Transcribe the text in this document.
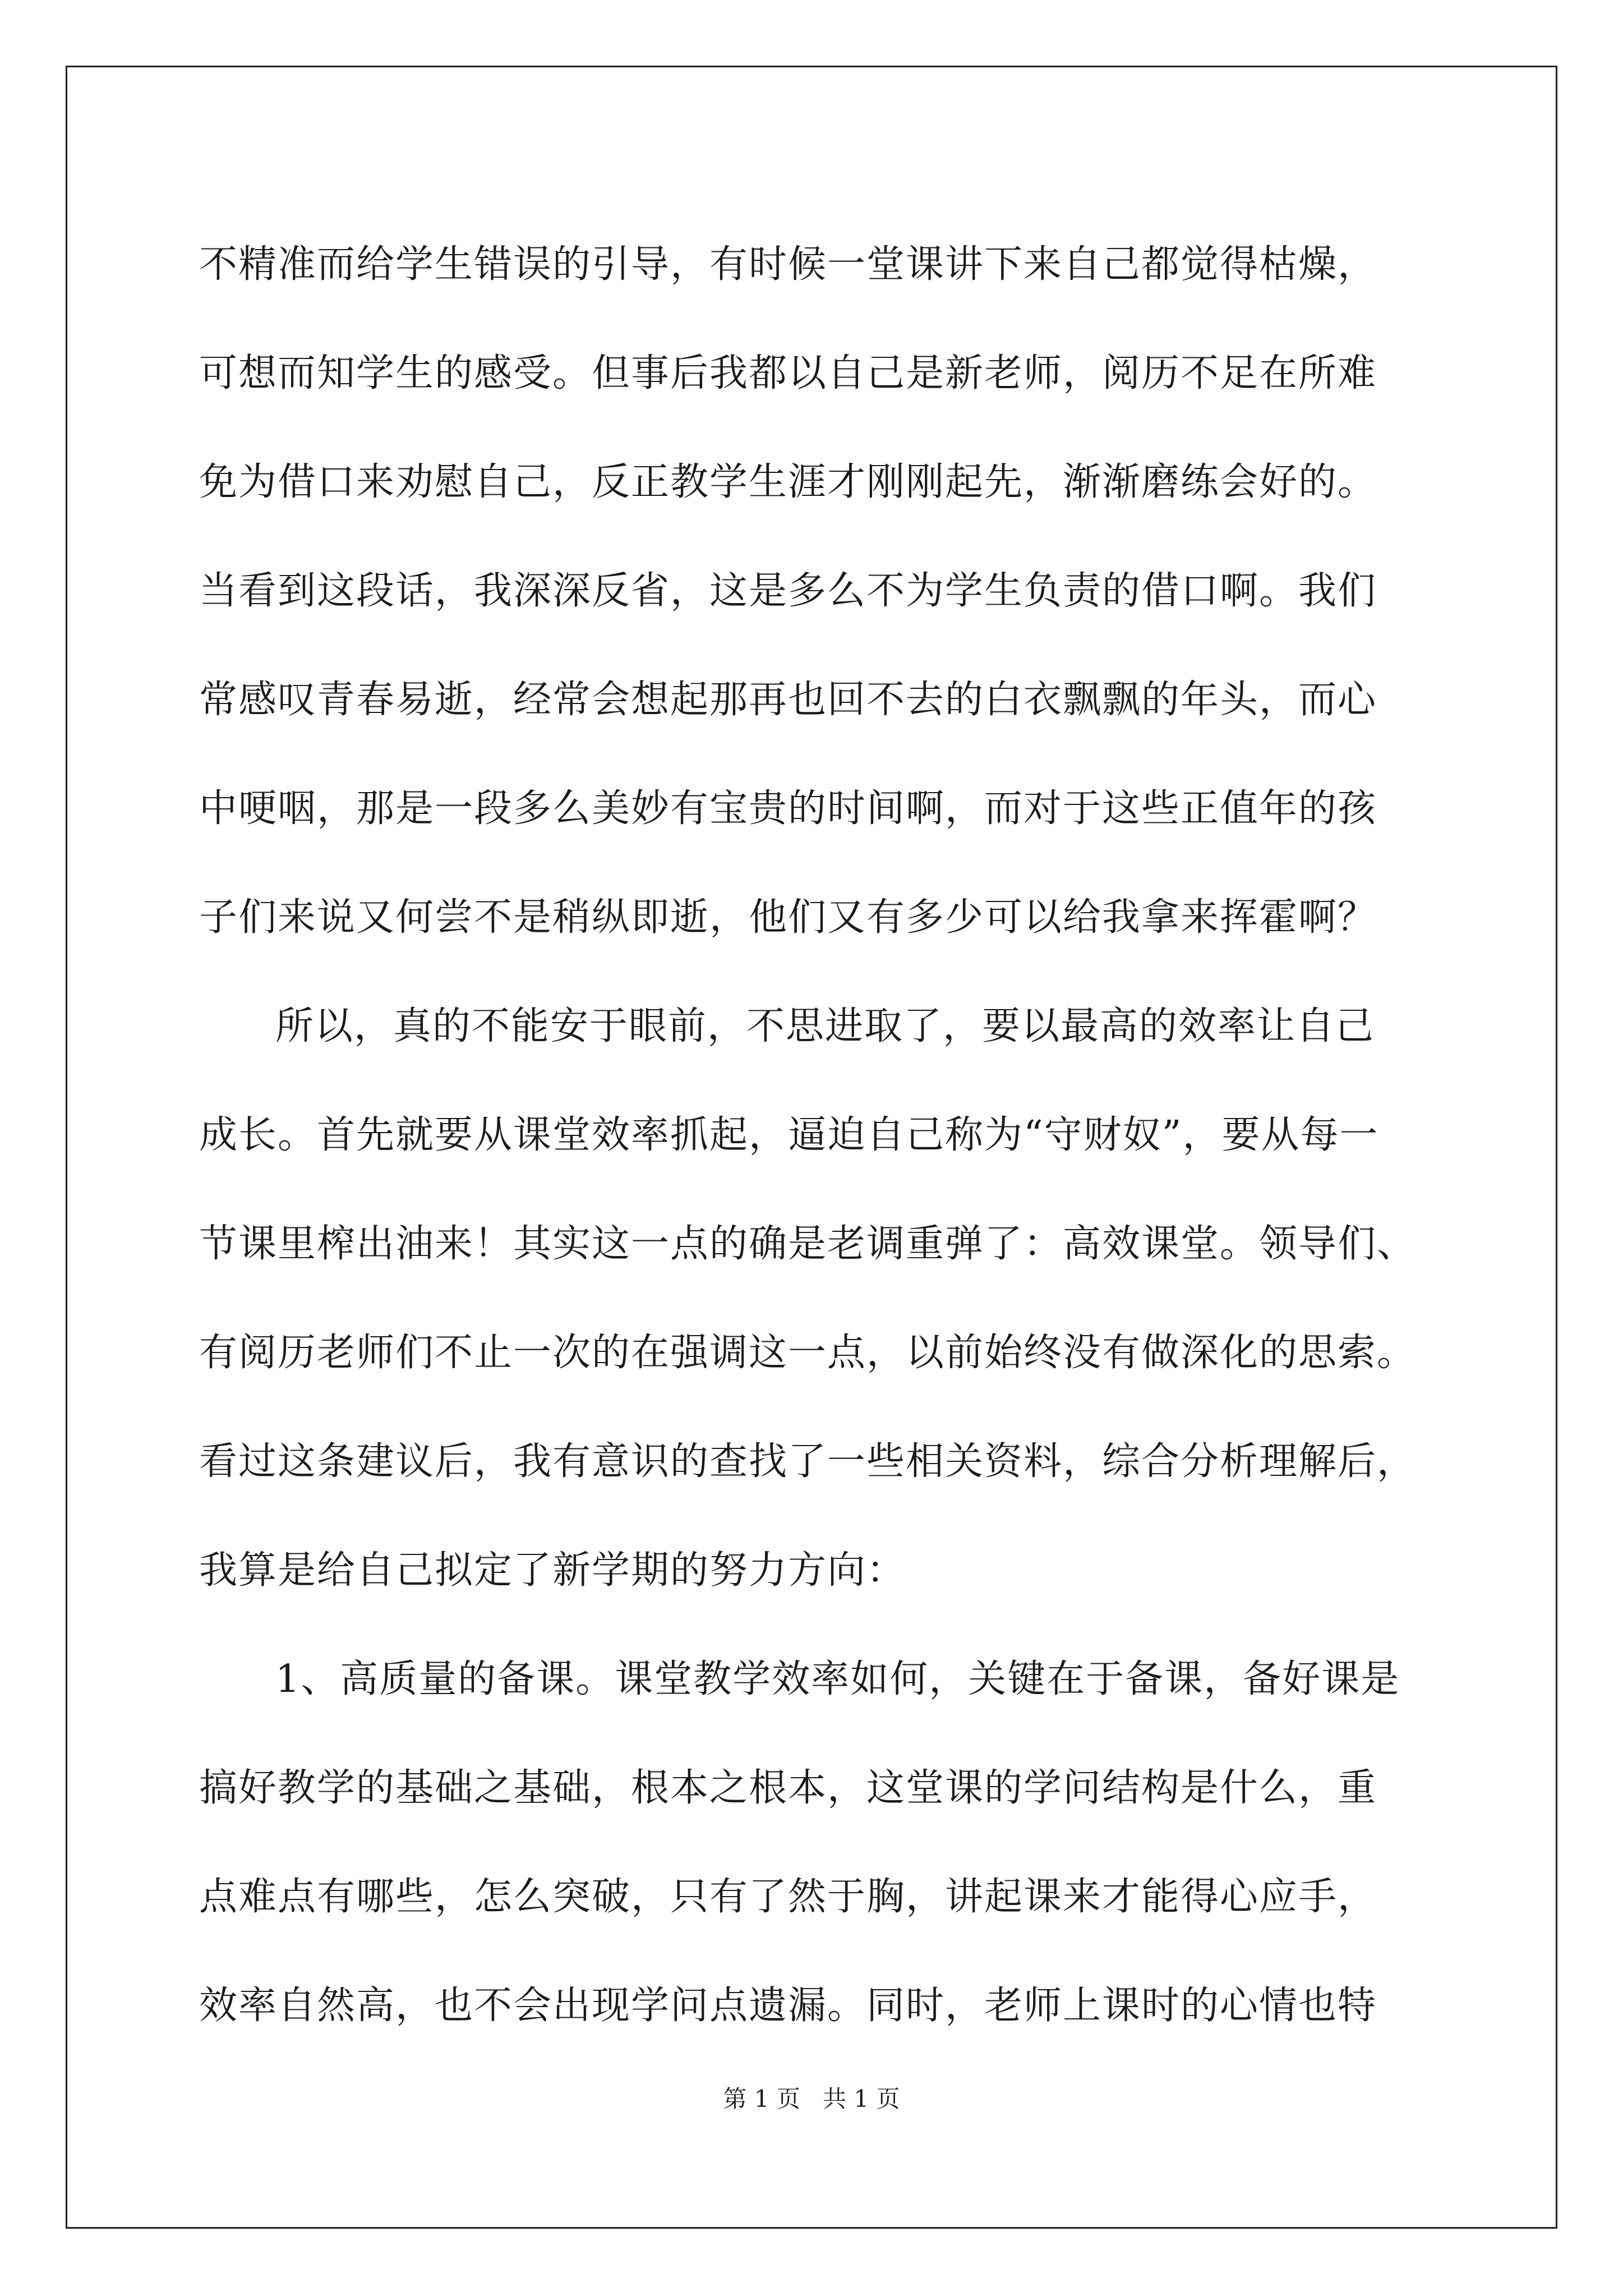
不精准而给学生错误的引导，有时候一堂课讲下来自己都觉得枯燥，
可想而知学生的感受。但事后我都以自己是新老师，阅历不足在所难
免为借口来劝慰自己，反正教学生涯才刚刚起先，渐渐磨练会好的。
当看到这段话，我深深反省，这是多么不为学生负责的借口啊。我们
常感叹青春易逝，经常会想起那再也回不去的白衣飘飘的年头，而心
中哽咽，那是一段多么美妙有宝贵的时间啊，而对于这些正值年的孩
子们来说又何尝不是稍纵即逝，他们又有多少可以给我拿来挥霍啊？
所以，真的不能安于眼前，不思进取了，要以最高的效率让自己
成长。首先就要从课堂效率抓起，逼迫自己称为“守财奴”，要从每一
节课里榨出油来！其实这一点的确是老调重弹了：高效课堂。领导们、
有阅历老师们不止一次的在强调这一点，以前始终没有做深化的思索。
看过这条建议后，我有意识的查找了一些相关资料，综合分析理解后，
我算是给自己拟定了新学期的努力方向：
1、高质量的备课。课堂教学效率如何，关键在于备课，备好课是
搞好教学的基础之基础，根本之根本，这堂课的学问结构是什么，重
点难点有哪些，怎么突破，只有了然于胸，讲起课来才能得心应手，
效率自然高，也不会出现学问点遗漏。同时，老师上课时的心情也特
第 1 页   共 1 页
